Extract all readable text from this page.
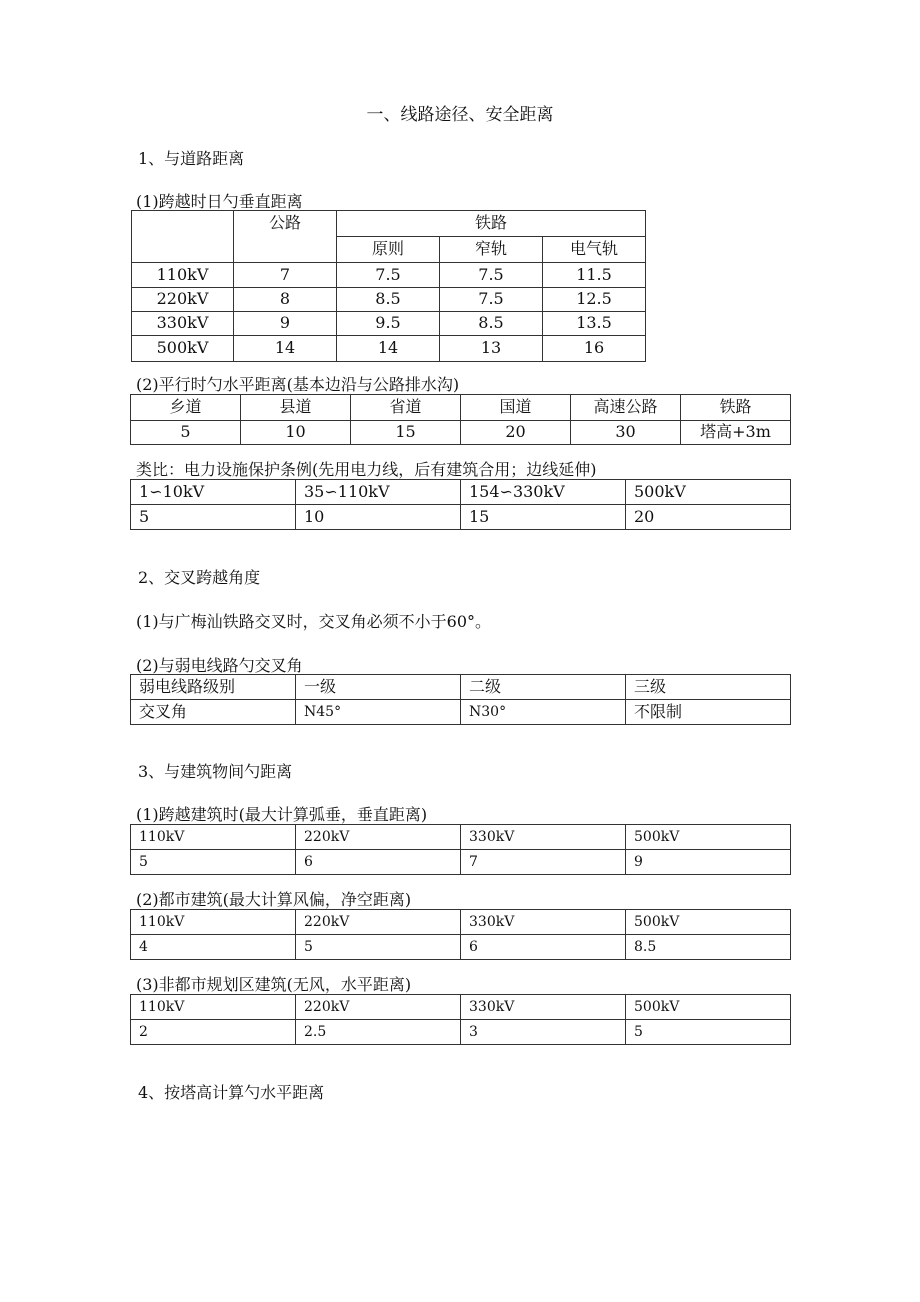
一、线路途径、安全距离
1、与道路距离
(1)跨越时日勺垂直距离
	公路	铁路		
		原则	窄轨	电气轨
110kV	7	7.5	7.5	11.5
220kV	8	8.5	7.5	12.5
330kV	9	9.5	8.5	13.5
500kV	14	14	13	16
(2)平行时勺水平距离(基本边沿与公路排水沟)
乡道	县道	省道	国道	高速公路	铁路
5	10	15	20	30	塔高+3m
类比：电力设施保护条例(先用电力线，后有建筑合用；边线延伸)
1∽10kV	35∽110kV	154∽330kV	500kV
5	10	15	20
2、交叉跨越角度
(1)与广梅汕铁路交叉时，交叉角必须不小于60°。
(2)与弱电线路勺交叉角
弱电线路级别	一级	二级	三级
交叉角	N45°	N30°	不限制
3、与建筑物间勺距离
(1)跨越建筑时(最大计算弧垂，垂直距离)
110kV	220kV	330kV	500kV
5	6	7	9
(2)都市建筑(最大计算风偏，净空距离)
110kV	220kV	330kV	500kV
4	5	6	8.5
(3)非都市规划区建筑(无风，水平距离)
110kV	220kV	330kV	500kV
2	2.5	3	5
4、按塔高计算勺水平距离
